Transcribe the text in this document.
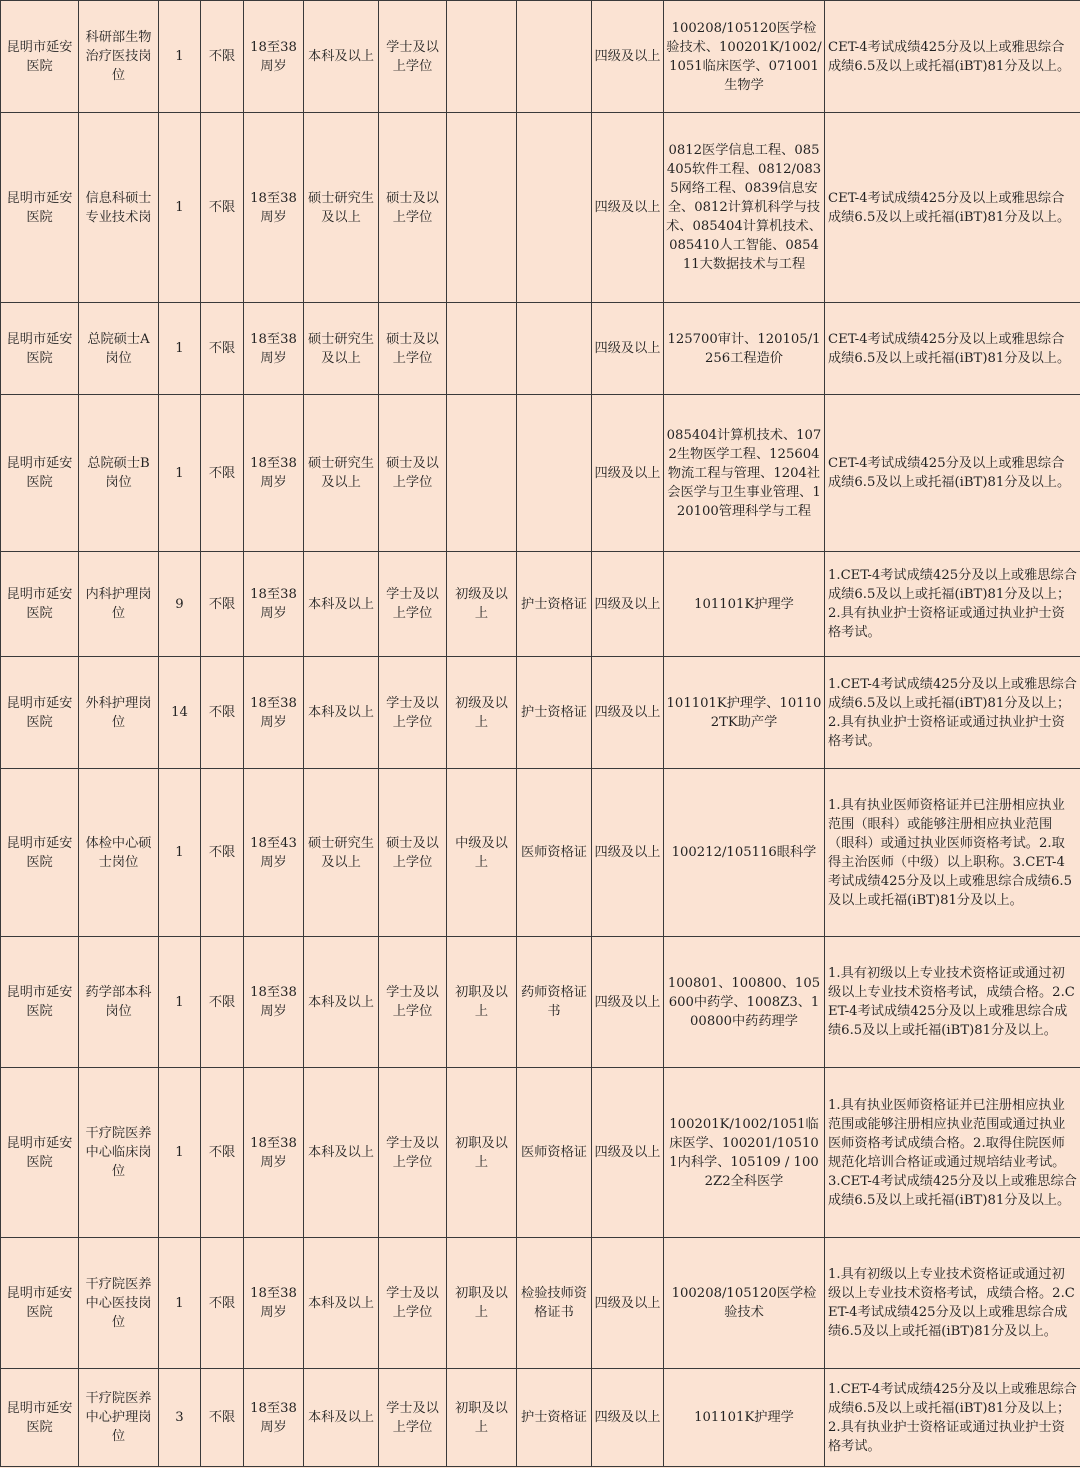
昆明市延安医院	科研部生物治疗医技岗位	1	不限	18至38周岁	本科及以上	学士及以上学位			四级及以上	100208/105120医学检验技术、100201K/1002/1051临床医学、071001生物学	CET-4考试成绩425分及以上或雅思综合成绩6.5及以上或托福(iBT)81分及以上。
昆明市延安医院	信息科硕士专业技术岗	1	不限	18至38周岁	硕士研究生及以上	硕士及以上学位			四级及以上	0812医学信息工程、085405软件工程、0812/0835网络工程、0839信息安全、0812计算机科学与技术、085404计算机技术、085410人工智能、085411大数据技术与工程	CET-4考试成绩425分及以上或雅思综合成绩6.5及以上或托福(iBT)81分及以上。
昆明市延安医院	总院硕士A岗位	1	不限	18至38周岁	硕士研究生及以上	硕士及以上学位			四级及以上	125700审计、120105/1256工程造价	CET-4考试成绩425分及以上或雅思综合成绩6.5及以上或托福(iBT)81分及以上。
昆明市延安医院	总院硕士B岗位	1	不限	18至38周岁	硕士研究生及以上	硕士及以上学位			四级及以上	085404计算机技术、1072生物医学工程、125604物流工程与管理、1204社会医学与卫生事业管理、120100管理科学与工程	CET-4考试成绩425分及以上或雅思综合成绩6.5及以上或托福(iBT)81分及以上。
昆明市延安医院	内科护理岗位	9	不限	18至38周岁	本科及以上	学士及以上学位	初级及以上	护士资格证	四级及以上	101101K护理学	1.CET-4考试成绩425分及以上或雅思综合成绩6.5及以上或托福(iBT)81分及以上；2.具有执业护士资格证或通过执业护士资格考试。
昆明市延安医院	外科护理岗位	14	不限	18至38周岁	本科及以上	学士及以上学位	初级及以上	护士资格证	四级及以上	101101K护理学、101102TK助产学	1.CET-4考试成绩425分及以上或雅思综合成绩6.5及以上或托福(iBT)81分及以上；2.具有执业护士资格证或通过执业护士资格考试。
昆明市延安医院	体检中心硕士岗位	1	不限	18至43周岁	硕士研究生及以上	硕士及以上学位	中级及以上	医师资格证	四级及以上	100212/105116眼科学	1.具有执业医师资格证并已注册相应执业范围（眼科）或能够注册相应执业范围（眼科）或通过执业医师资格考试。2.取得主治医师（中级）以上职称。3.CET-4考试成绩425分及以上或雅思综合成绩6.5及以上或托福(iBT)81分及以上。
昆明市延安医院	药学部本科岗位	1	不限	18至38周岁	本科及以上	学士及以上学位	初职及以上	药师资格证书	四级及以上	100801、100800、105600中药学、1008Z3、100800中药药理学	1.具有初级以上专业技术资格证或通过初级以上专业技术资格考试，成绩合格。2.CET-4考试成绩425分及以上或雅思综合成绩6.5及以上或托福(iBT)81分及以上。
昆明市延安医院	干疗院医养中心临床岗位	1	不限	18至38周岁	本科及以上	学士及以上学位	初职及以上	医师资格证	四级及以上	100201K/1002/1051临床医学、100201/105101内科学、105109 / 1002Z2全科医学	1.具有执业医师资格证并已注册相应执业范围或能够注册相应执业范围或通过执业医师资格考试成绩合格。2.取得住院医师规范化培训合格证或通过规培结业考试。3.CET-4考试成绩425分及以上或雅思综合成绩6.5及以上或托福(iBT)81分及以上。
昆明市延安医院	干疗院医养中心医技岗位	1	不限	18至38周岁	本科及以上	学士及以上学位	初职及以上	检验技师资格证书	四级及以上	100208/105120医学检验技术	1.具有初级以上专业技术资格证或通过初级以上专业技术资格考试，成绩合格。2.CET-4考试成绩425分及以上或雅思综合成绩6.5及以上或托福(iBT)81分及以上。
昆明市延安医院	干疗院医养中心护理岗位	3	不限	18至38周岁	本科及以上	学士及以上学位	初职及以上	护士资格证	四级及以上	101101K护理学	1.CET-4考试成绩425分及以上或雅思综合成绩6.5及以上或托福(iBT)81分及以上；2.具有执业护士资格证或通过执业护士资格考试。
